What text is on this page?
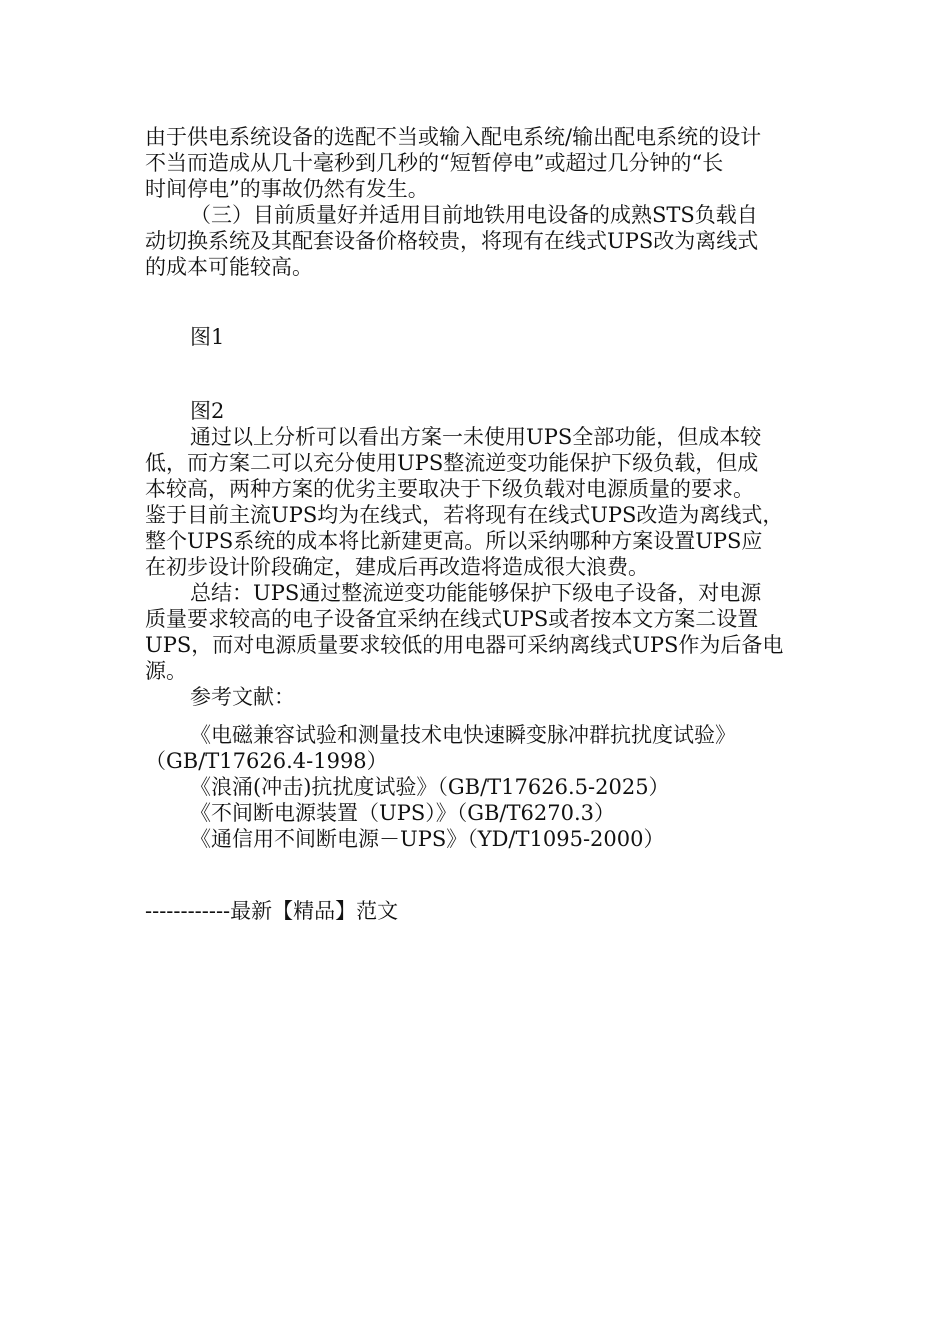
由于供电系统设备的选配不当或输入配电系统/输出配电系统的设计
不当而造成从几十毫秒到几秒的“短暂停电”或超过几分钟的“长
时间停电”的事故仍然有发生。
（三）目前质量好并适用目前地铁用电设备的成熟STS负载自
动切换系统及其配套设备价格较贵，将现有在线式UPS改为离线式
的成本可能较高。
图1
图2
通过以上分析可以看出方案一未使用UPS全部功能，但成本较
低，而方案二可以充分使用UPS整流逆变功能保护下级负载，但成
本较高，两种方案的优劣主要取决于下级负载对电源质量的要求。
鉴于目前主流UPS均为在线式，若将现有在线式UPS改造为离线式，
整个UPS系统的成本将比新建更高。所以采纳哪种方案设置UPS应
在初步设计阶段确定，建成后再改造将造成很大浪费。
总结：UPS通过整流逆变功能能够保护下级电子设备，对电源
质量要求较高的电子设备宜采纳在线式UPS或者按本文方案二设置
UPS，而对电源质量要求较低的用电器可采纳离线式UPS作为后备电
源。
参考文献：
《电磁兼容试验和测量技术电快速瞬变脉冲群抗扰度试验》
（GB/T17626.4-1998）
《浪涌(冲击)抗扰度试验》（GB/T17626.5-2025）
《不间断电源装置（UPS）》（GB/T6270.3）
《通信用不间断电源－UPS》（YD/T1095-2000）
------------最新【精品】范文
